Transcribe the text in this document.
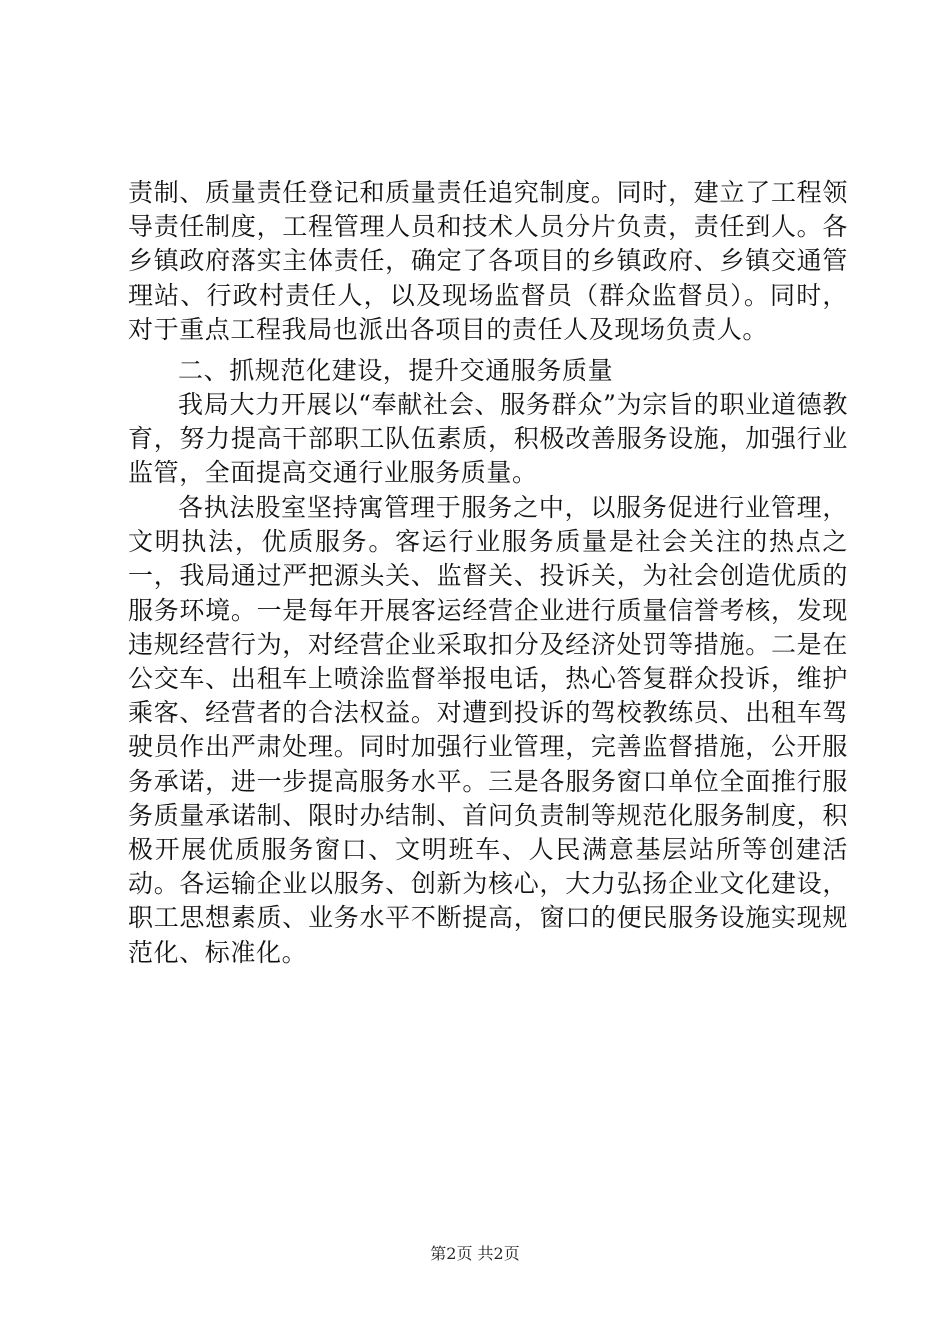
责制、质量责任登记和质量责任追究制度。同时，建立了工程领导责任制度，工程管理人员和技术人员分片负责，责任到人。各乡镇政府落实主体责任，确定了各项目的乡镇政府、乡镇交通管理站、行政村责任人，以及现场监督员（群众监督员）。同时，对于重点工程我局也派出各项目的责任人及现场负责人。

二、抓规范化建设，提升交通服务质量

我局大力开展以“奉献社会、服务群众”为宗旨的职业道德教育，努力提高干部职工队伍素质，积极改善服务设施，加强行业监管，全面提高交通行业服务质量。

各执法股室坚持寓管理于服务之中，以服务促进行业管理，文明执法，优质服务。客运行业服务质量是社会关注的热点之一，我局通过严把源头关、监督关、投诉关，为社会创造优质的服务环境。一是每年开展客运经营企业进行质量信誉考核，发现违规经营行为，对经营企业采取扣分及经济处罚等措施。二是在公交车、出租车上喷涂监督举报电话，热心答复群众投诉，维护乘客、经营者的合法权益。对遭到投诉的驾校教练员、出租车驾驶员作出严肃处理。同时加强行业管理，完善监督措施，公开服务承诺，进一步提高服务水平。三是各服务窗口单位全面推行服务质量承诺制、限时办结制、首问负责制等规范化服务制度，积极开展优质服务窗口、文明班车、人民满意基层站所等创建活动。各运输企业以服务、创新为核心，大力弘扬企业文化建设，职工思想素质、业务水平不断提高，窗口的便民服务设施实现规范化、标准化。

第2页 共2页
